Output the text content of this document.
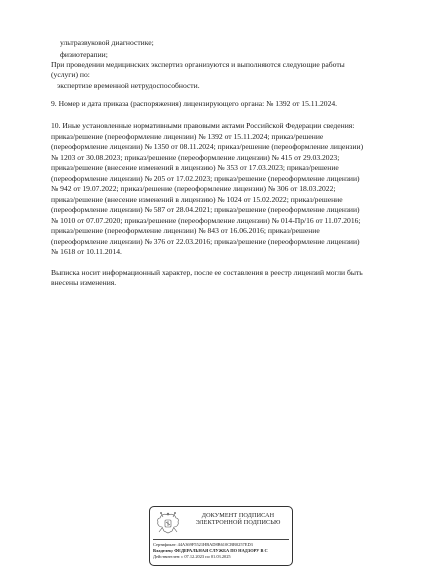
ультразвуковой диагностике;
физиотерапии;
При проведении медицинских экспертиз организуются и выполняются следующие работы
(услуги) по:
экспертизе временной нетрудоспособности.
9. Номер и дата приказа (распоряжения) лицензирующего органа: № 1392 от 15.11.2024.
10. Иные установленные нормативными правовыми актами Российской Федерации сведения:
приказ/решение (переоформление лицензии) № 1392 от 15.11.2024; приказ/решение
(переоформление лицензии) № 1350 от 08.11.2024; приказ/решение (переоформление лицензии)
№ 1203 от 30.08.2023; приказ/решение (переоформление лицензии) № 415 от 29.03.2023;
приказ/решение (внесение изменений в лицензию) № 353 от 17.03.2023; приказ/решение
(переоформление лицензии) № 205 от 17.02.2023; приказ/решение (переоформление лицензии)
№ 942 от 19.07.2022; приказ/решение (переоформление лицензии) № 306 от 18.03.2022;
приказ/решение (внесение изменений в лицензию) № 1024 от 15.02.2022; приказ/решение
(переоформление лицензии) № 587 от 28.04.2021; приказ/решение (переоформление лицензии)
№ 1010 от 07.07.2020; приказ/решение (переоформление лицензии) № 014-Пр/16 от 11.07.2016;
приказ/решение (переоформление лицензии) № 843 от 16.06.2016; приказ/решение
(переоформление лицензии) № 376 от 22.03.2016; приказ/решение (переоформление лицензии)
№ 1618 от 10.11.2014.
Выписка носит информационный характер, после ее составления в реестр лицензий могли быть
внесены изменения.
ДОКУМЕНТ ПОДПИСАН
ЭЛЕКТРОННОЙ ПОДПИСЬЮ
Сертификат: 44A369F5521HBAD8B610CBB0257ED3
Владелец: ФЕДЕРАЛЬНАЯ СЛУЖБА ПО НАДЗОРУ В С
Действителен: с 07.12.2023 по 01.03.2025
